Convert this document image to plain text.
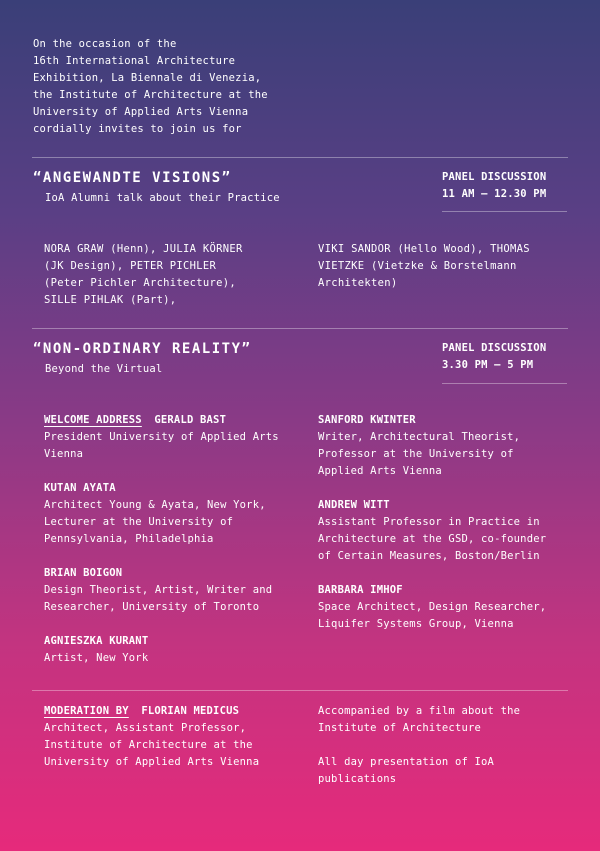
On the occasion of the
16th International Architecture
Exhibition, La Biennale di Venezia,
the Institute of Architecture at the
University of Applied Arts Vienna
cordially invites to join us for
“ANGEWANDTE VISIONS”
IoA Alumni talk about their Practice
PANEL DISCUSSION
11 AM — 12.30 PM
NORA GRAW (Henn), JULIA KÖRNER
(JK Design), PETER PICHLER
(Peter Pichler Architecture),
SILLE PIHLAK (Part),
VIKI SANDOR (Hello Wood), THOMAS
VIETZKE (Vietzke & Borstelmann
Architekten)
“NON-ORDINARY REALITY”
Beyond the Virtual
PANEL DISCUSSION
3.30 PM — 5 PM
WELCOME ADDRESS GERALD BAST
President University of Applied Arts
Vienna
KUTAN AYATA
Architect Young & Ayata, New York,
Lecturer at the University of
Pennsylvania, Philadelphia
BRIAN BOIGON
Design Theorist, Artist, Writer and
Researcher, University of Toronto
AGNIESZKA KURANT
Artist, New York
SANFORD KWINTER
Writer, Architectural Theorist,
Professor at the University of
Applied Arts Vienna
ANDREW WITT
Assistant Professor in Practice in
Architecture at the GSD, co-founder
of Certain Measures, Boston/Berlin
BARBARA IMHOF
Space Architect, Design Researcher,
Liquifer Systems Group, Vienna
MODERATION BY FLORIAN MEDICUS
Architect, Assistant Professor,
Institute of Architecture at the
University of Applied Arts Vienna
Accompanied by a film about the
Institute of Architecture
All day presentation of IoA
publications
